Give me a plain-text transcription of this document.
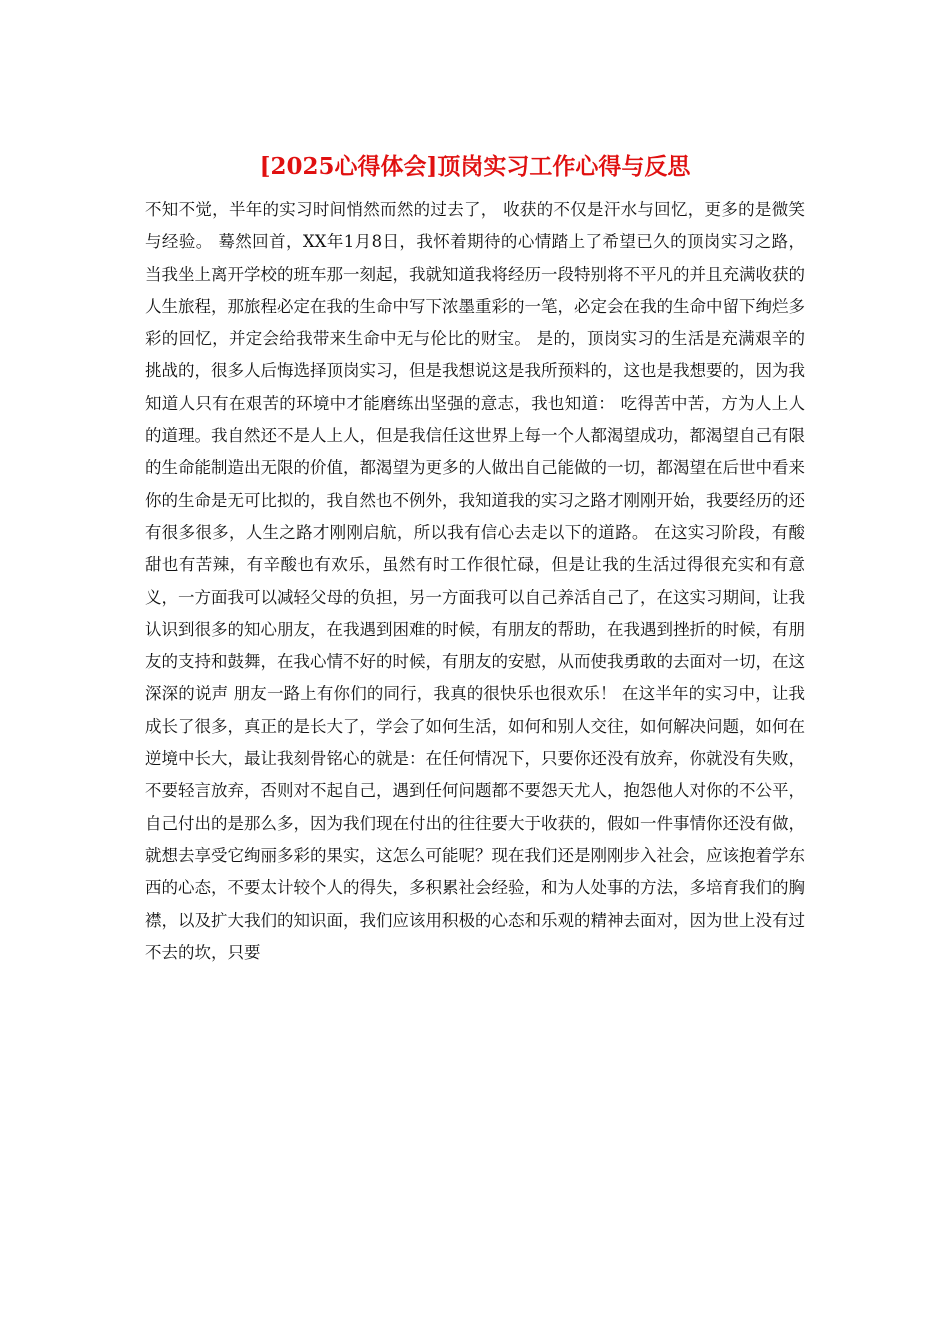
[2025心得体会]顶岗实习工作心得与反思

不知不觉，半年的实习时间悄然而然的过去了， 收获的不仅是汗水与回忆，更多的是微笑与经验。 蓦然回首，XX年1月8日，我怀着期待的心情踏上了希望已久的顶岗实习之路，当我坐上离开学校的班车那一刻起，我就知道我将经历一段特别将不平凡的并且充满收获的人生旅程，那旅程必定在我的生命中写下浓墨重彩的一笔，必定会在我的生命中留下绚烂多彩的回忆，并定会给我带来生命中无与伦比的财宝。 是的，顶岗实习的生活是充满艰辛的挑战的，很多人后悔选择顶岗实习，但是我想说这是我所预料的，这也是我想要的，因为我知道人只有在艰苦的环境中才能磨练出坚强的意志，我也知道： 吃得苦中苦，方为人上人 的道理。我自然还不是人上人，但是我信任这世界上每一个人都渴望成功，都渴望自己有限的生命能制造出无限的价值，都渴望为更多的人做出自己能做的一切，都渴望在后世中看来你的生命是无可比拟的，我自然也不例外，我知道我的实习之路才刚刚开始，我要经历的还有很多很多，人生之路才刚刚启航，所以我有信心去走以下的道路。 在这实习阶段，有酸甜也有苦辣，有辛酸也有欢乐，虽然有时工作很忙碌，但是让我的生活过得很充实和有意义，一方面我可以减轻父母的负担，另一方面我可以自己养活自己了，在这实习期间，让我认识到很多的知心朋友，在我遇到困难的时候，有朋友的帮助，在我遇到挫折的时候，有朋友的支持和鼓舞，在我心情不好的时候，有朋友的安慰，从而使我勇敢的去面对一切，在这深深的说声 朋友一路上有你们的同行，我真的很快乐也很欢乐！ 在这半年的实习中，让我成长了很多，真正的是长大了，学会了如何生活，如何和别人交往，如何解决问题，如何在逆境中长大，最让我刻骨铭心的就是：在任何情况下，只要你还没有放弃，你就没有失败，不要轻言放弃，否则对不起自己，遇到任何问题都不要怨天尤人，抱怨他人对你的不公平，自己付出的是那么多，因为我们现在付出的往往要大于收获的，假如一件事情你还没有做，就想去享受它绚丽多彩的果实，这怎么可能呢？现在我们还是刚刚步入社会，应该抱着学东西的心态，不要太计较个人的得失，多积累社会经验，和为人处事的方法，多培育我们的胸襟，以及扩大我们的知识面，我们应该用积极的心态和乐观的精神去面对，因为世上没有过不去的坎，只要
